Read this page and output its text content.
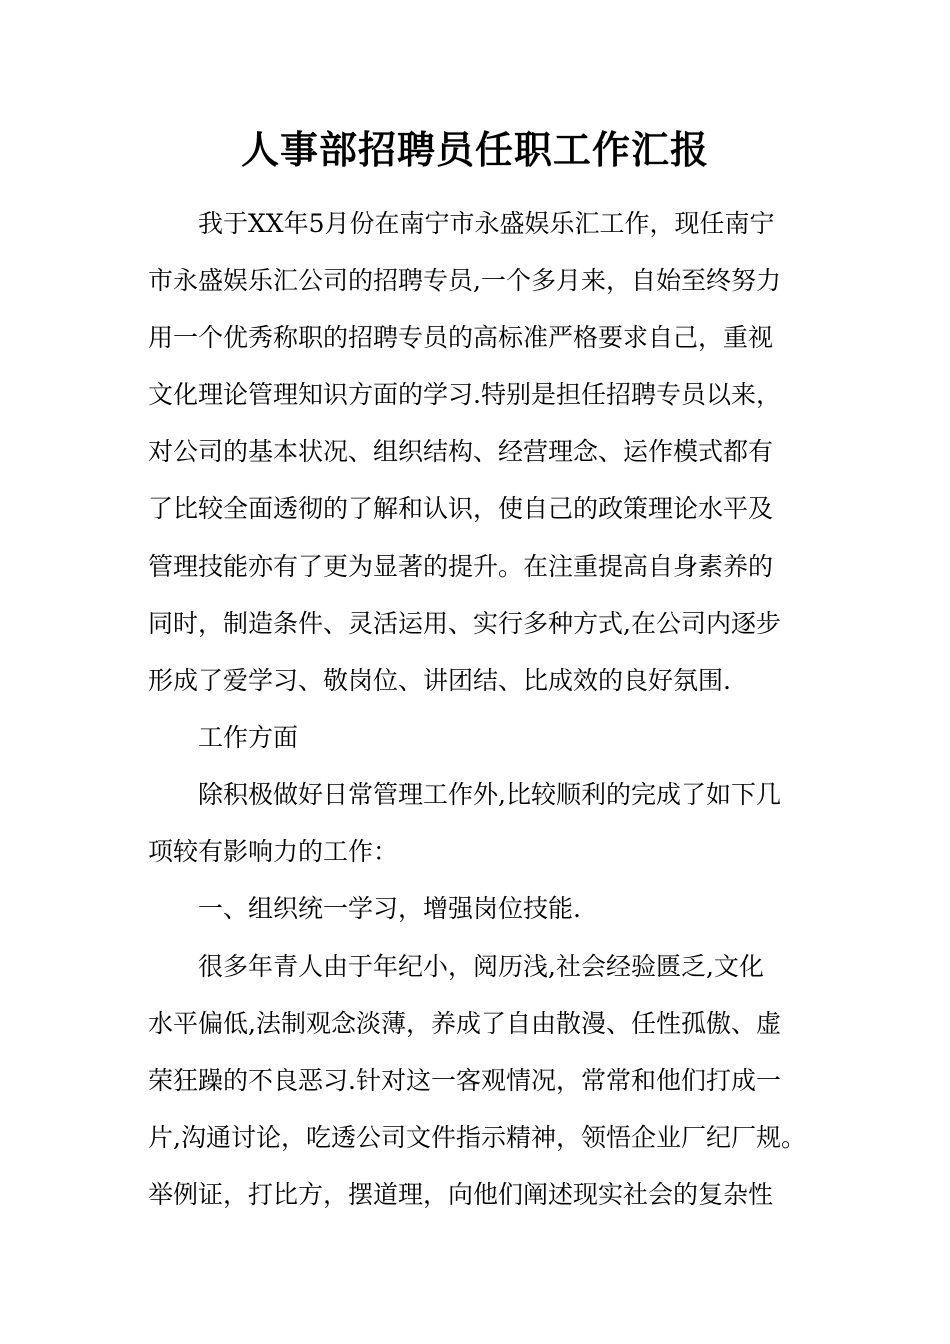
人事部招聘员任职工作汇报

我于XX年5月份在南宁市永盛娱乐汇工作，现任南宁

市永盛娱乐汇公司的招聘专员,一个多月来，自始至终努力

用一个优秀称职的招聘专员的高标准严格要求自己，重视

文化理论管理知识方面的学习.特别是担任招聘专员以来，

对公司的基本状况、组织结构、经营理念、运作模式都有

了比较全面透彻的了解和认识，使自己的政策理论水平及

管理技能亦有了更为显著的提升。在注重提高自身素养的

同时，制造条件、灵活运用、实行多种方式,在公司内逐步

形成了爱学习、敬岗位、讲团结、比成效的良好氛围.

工作方面

除积极做好日常管理工作外,比较顺利的完成了如下几

项较有影响力的工作：

一、组织统一学习，增强岗位技能.

很多年青人由于年纪小，阅历浅,社会经验匮乏,文化

水平偏低,法制观念淡薄，养成了自由散漫、任性孤傲、虚

荣狂躁的不良恶习.针对这一客观情况，常常和他们打成一

片,沟通讨论，吃透公司文件指示精神，领悟企业厂纪厂规。

举例证，打比方，摆道理，向他们阐述现实社会的复杂性
